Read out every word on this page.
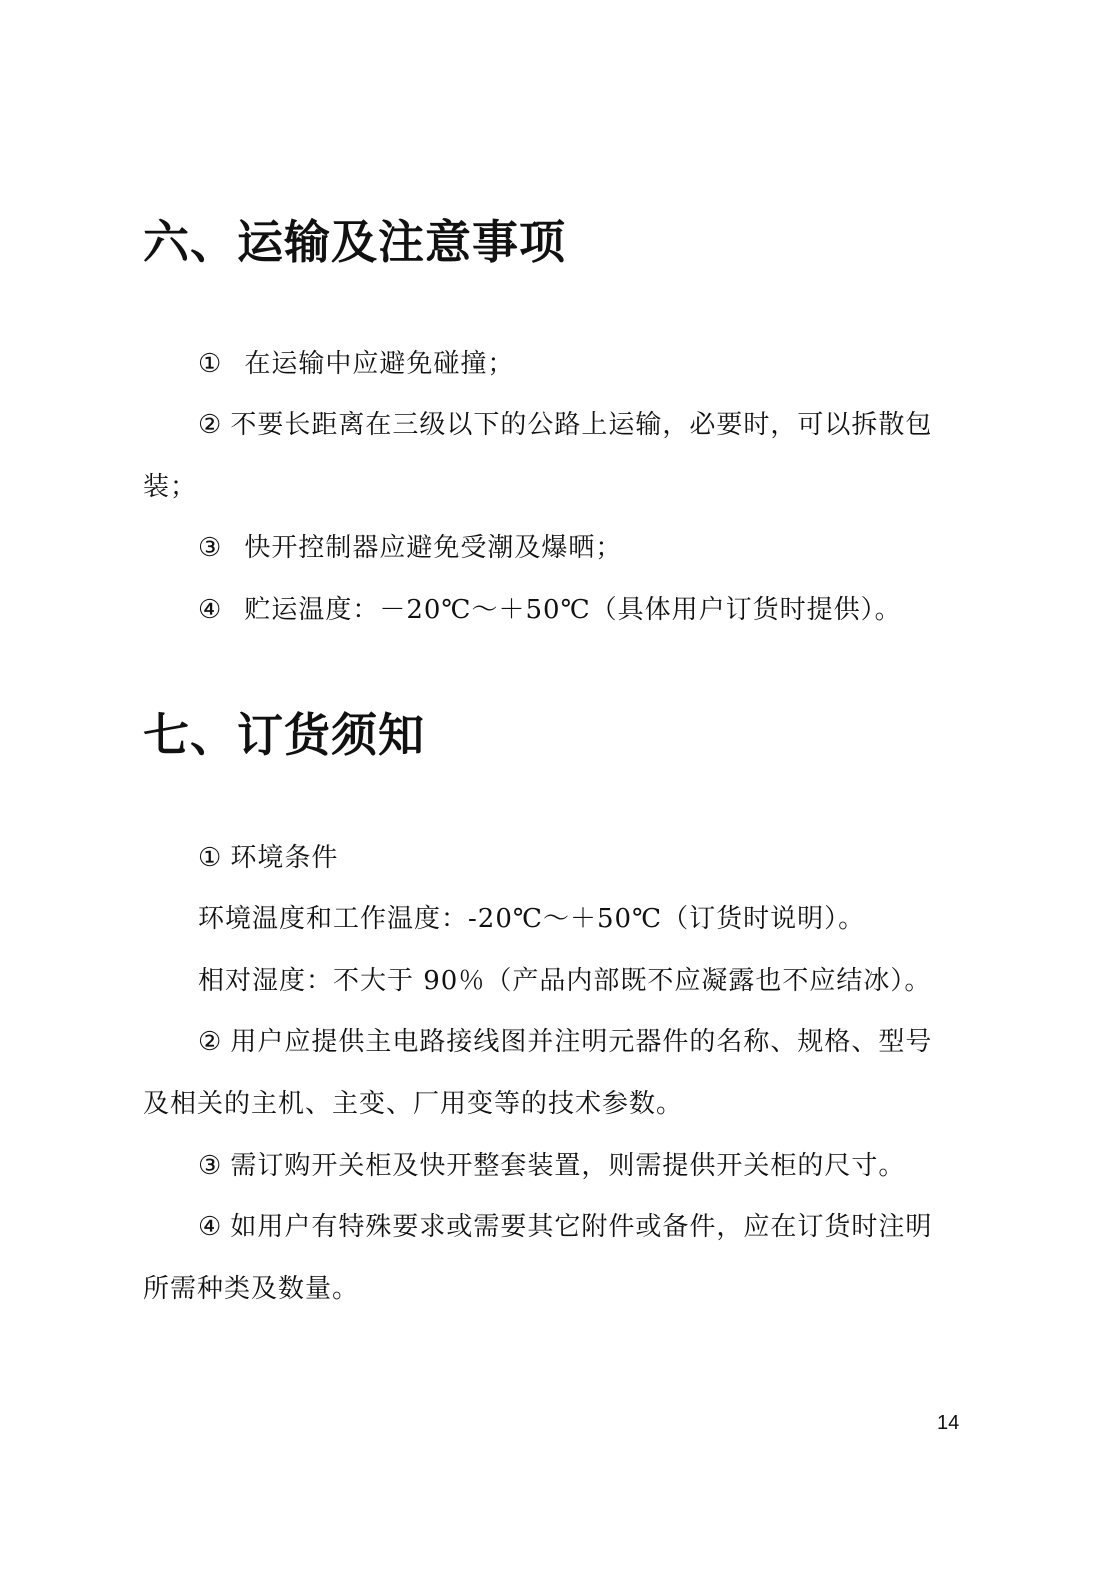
六、运输及注意事项
① 在运输中应避免碰撞；
② 不要长距离在三级以下的公路上运输，必要时，可以拆散包
装；
③ 快开控制器应避免受潮及爆晒；
④ 贮运温度：－20℃～＋50℃（具体用户订货时提供）。
七、订货须知
① 环境条件
环境温度和工作温度：-20℃～＋50℃（订货时说明）。
相对湿度：不大于 90％（产品内部既不应凝露也不应结冰）。
② 用户应提供主电路接线图并注明元器件的名称、规格、型号
及相关的主机、主变、厂用变等的技术参数。
③ 需订购开关柜及快开整套装置，则需提供开关柜的尺寸。
④ 如用户有特殊要求或需要其它附件或备件，应在订货时注明
所需种类及数量。
14
